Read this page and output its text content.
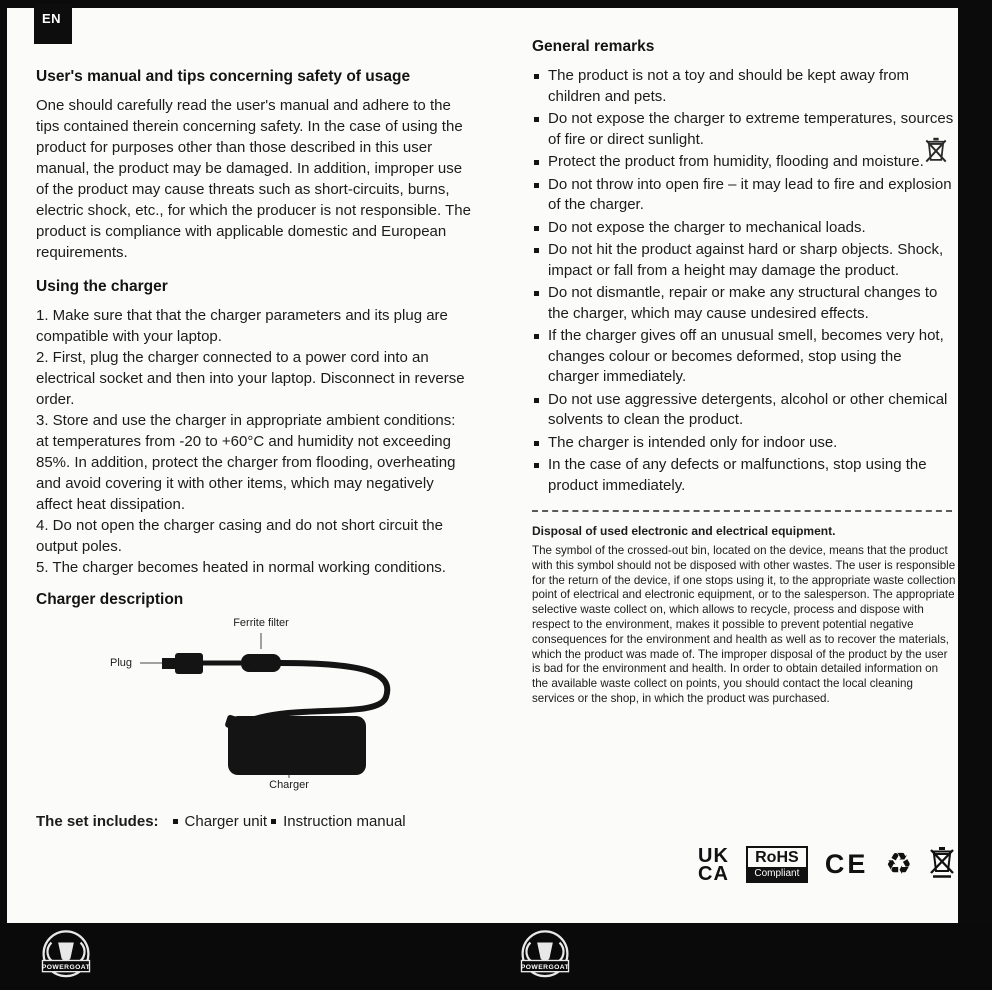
EN
User's manual and tips concerning safety of usage

One should carefully read the user's manual and adhere to the tips contained therein concerning safety. In the case of using the product for purposes other than those described in this user manual, the product may be damaged. In addition, improper use of the product may cause threats such as short-circuits, burns, electric shock, etc., for which the producer is not responsible. The product is compliance with applicable domestic and European requirements.

Using the charger

1. Make sure that that the charger parameters and its plug are compatible with your laptop.

2. First, plug the charger connected to a power cord into an electrical socket and then into your laptop. Disconnect in reverse order.

3. Store and use the charger in appropriate ambient conditions: at temperatures from -20 to +60°C and humidity not exceeding 85%. In addition, protect the charger from flooding, overheating and avoid covering it with other items, which may negatively affect heat dissipation.

4. Do not open the charger casing and do not short circuit the output poles.

5. The charger becomes heated in normal working conditions.

Charger description
Ferrite filter
Plug
Charger
The set includes: Charger unit Instruction manual
General remarks
The product is not a toy and should be kept away from children and pets.
Do not expose the charger to extreme temperatures, sources of fire or direct sunlight.
Protect the product from humidity, flooding and moisture.
Do not throw into open fire – it may lead to fire and explosion of the charger.
Do not expose the charger to mechanical loads.
Do not hit the product against hard or sharp objects. Shock, impact or fall from a height may damage the product.
Do not dismantle, repair or make any structural changes to the charger, which may cause undesired effects.
If the charger gives off an unusual smell, becomes very hot, changes colour or becomes deformed, stop using the charger immediately.
Do not use aggressive detergents, alcohol or other chemical solvents to clean the product.
The charger is intended only for indoor use.
In the case of any defects or malfunctions, stop using the product immediately.

Disposal of used electronic and electrical equipment.

The symbol of the crossed-out bin, located on the device, means that the product with this symbol should not be disposed with other wastes. The user is responsible for the return of the device, if one stops using it, to the appropriate waste collection point of electrical and electronic equipment, or to the salesperson. The appropriate selective waste collect on, which allows to recycle, process and dispose with respect to the environment, makes it possible to prevent potential negative consequences for the environment and health as well as to recover the materials, which the product was made of. The improper disposal of the product by the user is bad for the environment and health. In order to obtain detailed information on the available waste collect on points, you should contact the local cleaning services or the shop, in which the product was purchased.

UK
CA
RoHS
Compliant CE ♻
POWERGOAT	POWERGOAT
